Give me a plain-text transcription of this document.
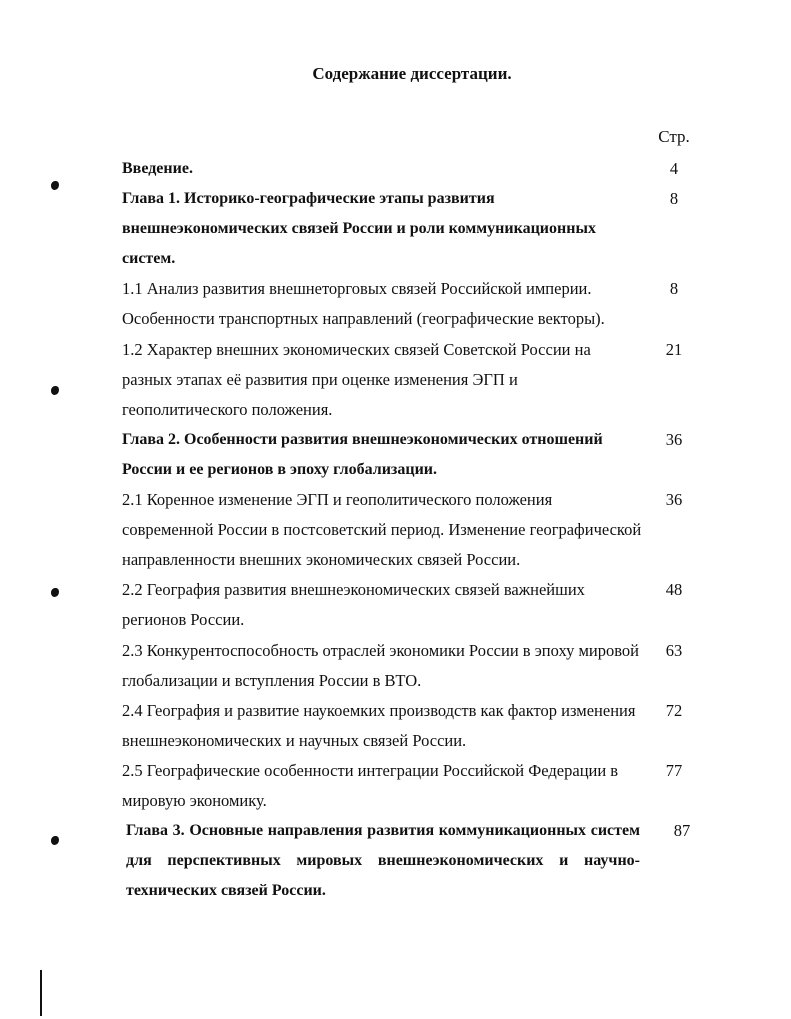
Содержание диссертации.
Стр.
Введение.	4
Глава 1. Историко-географические этапы развития внешнеэкономических связей России и роли коммуникационных систем.
8
1.1 Анализ развития внешнеторговых связей Российской империи. Особенности транспортных направлений (географические векторы).
8
1.2 Характер внешних экономических связей Советской России на разных этапах её развития при оценке изменения ЭГП и геополитического положения.
21
Глава 2. Особенности развития внешнеэкономических отношений России и ее регионов в эпоху глобализации.
36
2.1 Коренное изменение ЭГП и геополитического положения современной России в постсоветский период. Изменение географической направленности внешних экономических связей России.
36
2.2 География развития внешнеэкономических связей важнейших регионов России.
48
2.3 Конкурентоспособность отраслей экономики России в эпоху мировой глобализации и вступления России в ВТО.
63
2.4 География и развитие наукоемких производств как фактор изменения внешнеэкономических и научных связей России.
72
2.5 Географические особенности интеграции Российской Федерации в мировую экономику.
77
Глава 3. Основные направления развития коммуникационных систем для перспективных мировых внешнеэкономических и научно-технических связей России.
87
